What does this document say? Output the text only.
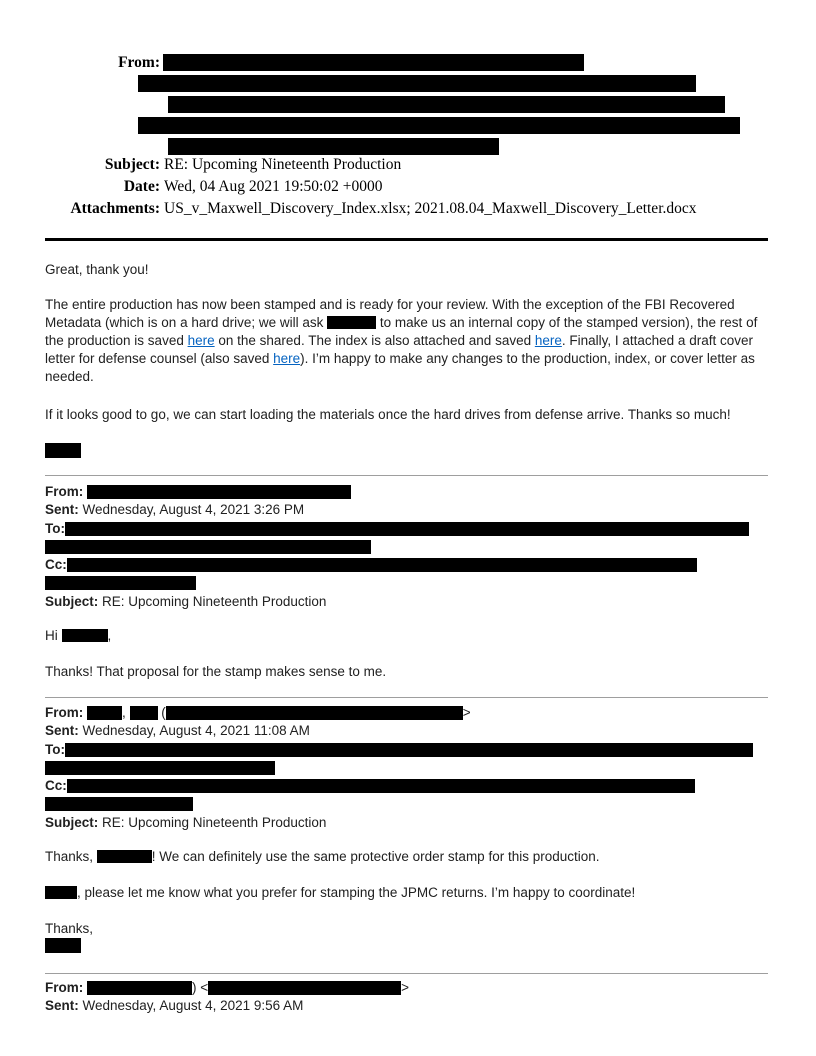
From:
Subject: RE: Upcoming Nineteenth Production
Date: Wed, 04 Aug 2021 19:50:02 +0000
Attachments: US_v_Maxwell_Discovery_Index.xlsx; 2021.08.04_Maxwell_Discovery_Letter.docx
Great, thank you!
The entire production has now been stamped and is ready for your review. With the exception of the FBI Recovered Metadata (which is on a hard drive; we will ask	to make us an internal copy of the stamped version), the rest of the production is saved here on the shared. The index is also attached and saved here. Finally, I attached a draft cover letter for defense counsel (also saved here). I’m happy to make any changes to the production, index, or cover letter as needed.
If it looks good to go, we can start loading the materials once the hard drives from defense arrive. Thanks so much!
From:
Sent: Wednesday, August 4, 2021 3:26 PM
To:
Cc:
Subject: RE: Upcoming Nineteenth Production
Hi	,
Thanks! That proposal for the stamp makes sense to me.
From:	,  (	>
Sent: Wednesday, August 4, 2021 11:08 AM
To:
Cc:
Subject: RE: Upcoming Nineteenth Production
Thanks,	! We can definitely use the same protective order stamp for this production.
, please let me know what you prefer for stamping the JPMC returns. I’m happy to coordinate!
Thanks,
From:	) <	>
Sent: Wednesday, August 4, 2021 9:56 AM
